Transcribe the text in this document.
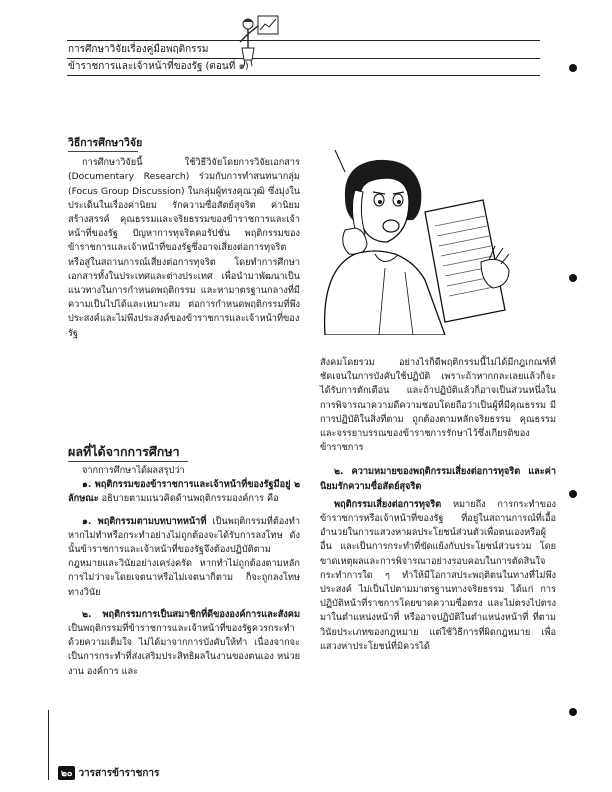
การศึกษาวิจัยเรื่องคู่มือพฤติกรรม
ข้าราชการและเจ้าหน้าที่ของรัฐ (ตอนที่ ๑)
วิธีการศึกษาวิจัย
การศึกษาวิจัยนี้ ใช้วิธีวิจัยโดยการวิจัยเอกสาร (Documentary Research) ร่วมกับการทำสนทนากลุ่ม (Focus Group Discussion) ในกลุ่มผู้ทรงคุณวุฒิ ซึ่งมุ่งในประเด็นในเรื่องค่านิยม รักความซื่อสัตย์สุจริต ค่านิยมสร้างสรรค์ คุณธรรมและจริยธรรมของข้าราชการและเจ้าหน้าที่ของรัฐ ปัญหาการทุจริตคอรัปชั่น พฤติกรรมของข้าราชการและเจ้าหน้าที่ของรัฐซึ่งอาจเสี่ยงต่อการทุจริตหรือสู่ในสถานการณ์เสี่ยงต่อการทุจริต โดยทำการศึกษาเอกสารทั้งในประเทศและต่างประเทศ เพื่อนำมาพัฒนาเป็นแนวทางในการกำหนดพฤติกรรม และหามาตรฐานกลางที่มีความเป็นไปได้และเหมาะสม ต่อการกำหนดพฤติกรรมที่พึงประสงค์และไม่พึงประสงค์ของข้าราชการและเจ้าหน้าที่ของรัฐ
ผลที่ได้จากการศึกษา
จากการศึกษาได้ผลสรุปว่า
๑. พฤติกรรมของข้าราชการและเจ้าหน้าที่ของรัฐมีอยู่ ๒ ลักษณะ อธิบายตามแนวคิดด้านพฤติกรรมองค์การ คือ
๑. พฤติกรรมตามบทบาทหน้าที่ เป็นพฤติกรรมที่ต้องทำ หากไม่ทำหรือกระทำอย่างไม่ถูกต้องจะได้รับการลงโทษ ดังนั้นข้าราชการและเจ้าหน้าที่ของรัฐจึงต้องปฏิบัติตามกฎหมายและวินัยอย่างเคร่งครัด หากทำไม่ถูกต้องตามหลักการไม่ว่าจะโดยเจตนาหรือไม่เจตนาก็ตาม ก็จะถูกลงโทษทางวินัย
๒. พฤติกรรมการเป็นสมาชิกที่ดีขององค์การและสังคม เป็นพฤติกรรมที่ข้าราชการและเจ้าหน้าที่ของรัฐควรกระทำด้วยความเต็มใจ ไม่ได้มาจากการบังคับให้ทำ เนื่องจากจะเป็นการกระทำที่ส่งเสริมประสิทธิผลในงานของตนเอง หน่วยงาน องค์การ และ
สังคมโดยรวม อย่างไรก็ดีพฤติกรรมนี้ไม่ได้มีกฎเกณฑ์ที่ชัดเจนในการบังคับใช้ปฏิบัติ เพราะถ้าหากกละเลยแล้วก็จะได้รับการตักเตือน และถ้าปฏิบัติแล้วก็อาจเป็นส่วนหนึ่งในการพิจารณาความดีความชอบโดยถือว่าเป็นผู้ที่มีคุณธรรม มีการปฏิบัติในสิ่งที่ตาม ถูกต้องตามหลักจริยธรรม คุณธรรม และจรรยาบรรณของข้าราชการรักษาไว้ซึ่งเกียรติของข้าราชการ
๒. ความหมายของพฤติกรรมเสี่ยงต่อการทุจริต และค่านิยมรักความซื่อสัตย์สุจริต
พฤติกรรมเสี่ยงต่อการทุจริต หมายถึง การกระทำของข้าราชการหรือเจ้าหน้าที่ของรัฐ ที่อยู่ในสถานการณ์ที่เอื้ออำนวยในการแสวงหาผลประโยชน์ส่วนตัวเพื่อตนเองหรือผู้อื่น และเป็นการกระทำที่ขัดแย้งกับประโยชน์ส่วนรวม โดยขาดเหตุผลและการพิจารณาอย่างรอบคอบในการตัดสินใจกระทำการใด ๆ ทำให้มีโอกาสประพฤติตนในทางที่ไม่พึงประสงค์ ไม่เป็นไปตามมาตรฐานทางจริยธรรม ได้แก่ การปฏิบัติหน้าที่ราชการโดยขาดความซื่อตรง และไม่ตรงไปตรงมาในตำแหน่งหน้าที่ หรืออาจปฏิบัติในตำแหน่งหน้าที่ ที่ตามวินัยประเภทของกฎหมาย แต่ใช้วิธีการที่ผิดกฎหมาย เพื่อแสวงหาประโยชน์ที่มิควรได้
๒๐ วารสารข้าราชการ
